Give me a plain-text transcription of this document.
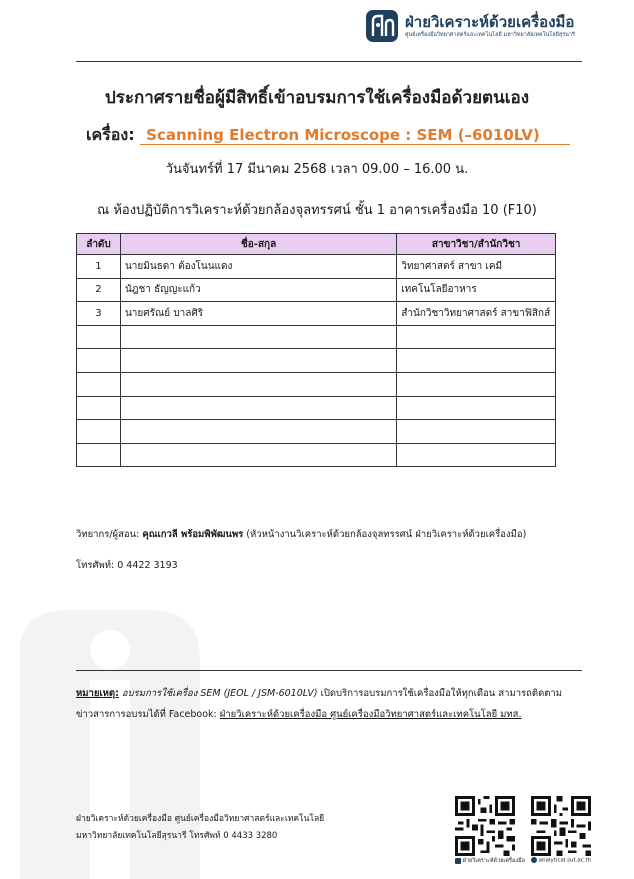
ฝ่ายวิเคราะห์ด้วยเครื่องมือ
ศูนย์เครื่องมือวิทยาศาสตร์และเทคโนโลยี มหาวิทยาลัยเทคโนโลยีสุรนารี
ประกาศรายชื่อผู้มีสิทธิ์เข้าอบรมการใช้เครื่องมือด้วยตนเอง
เครื่อง: Scanning Electron Microscope : SEM (–6010LV)
วันจันทร์ที่ 17 มีนาคม 2568 เวลา 09.00 – 16.00 น.
ณ ห้องปฏิบัติการวิเคราะห์ด้วยกล้องจุลทรรศน์ ชั้น 1 อาคารเครื่องมือ 10 (F10)
ลำดับ	ชื่อ-สกุล	สาขาวิชา/สำนักวิชา
1	นายมินธดา ต้องโนนแดง	วิทยาศาสตร์ สาขา เคมี
2	นัฎชา ธัญญะแก้ว	เทคโนโลยีอาหาร
3	นายศรัณย์ บาลศิริ	สำนักวิชาวิทยาศาสตร์ สาขาฟิสิกส์

วิทยากร/ผู้สอน: คุณเกวลี พร้อมพิพัฒนพร (หัวหน้างานวิเคราะห์ด้วยกล้องจุลทรรศน์ ฝ่ายวิเคราะห์ด้วยเครื่องมือ)
โทรศัพท์: 0 4422 3193
หมายเหตุ: อบรมการใช้เครื่อง SEM (JEOL / JSM-6010LV) เปิดบริการอบรมการใช้เครื่องมือให้ทุกเดือน สามารถติดตามข่าวสารการอบรมได้ที่ Facebook: ฝ่ายวิเคราะห์ด้วยเครื่องมือ ศูนย์เครื่องมือวิทยาศาสตร์และเทคโนโลยี มทส.
ฝ่ายวิเคราะห์ด้วยเครื่องมือ ศูนย์เครื่องมือวิทยาศาสตร์และเทคโนโลยี
มหาวิทยาลัยเทคโนโลยีสุรนารี โทรศัพท์ 0 4433 3280
ฝ่ายวิเคราะห์ด้วยเครื่องมือ	analytical.sut.ac.th
